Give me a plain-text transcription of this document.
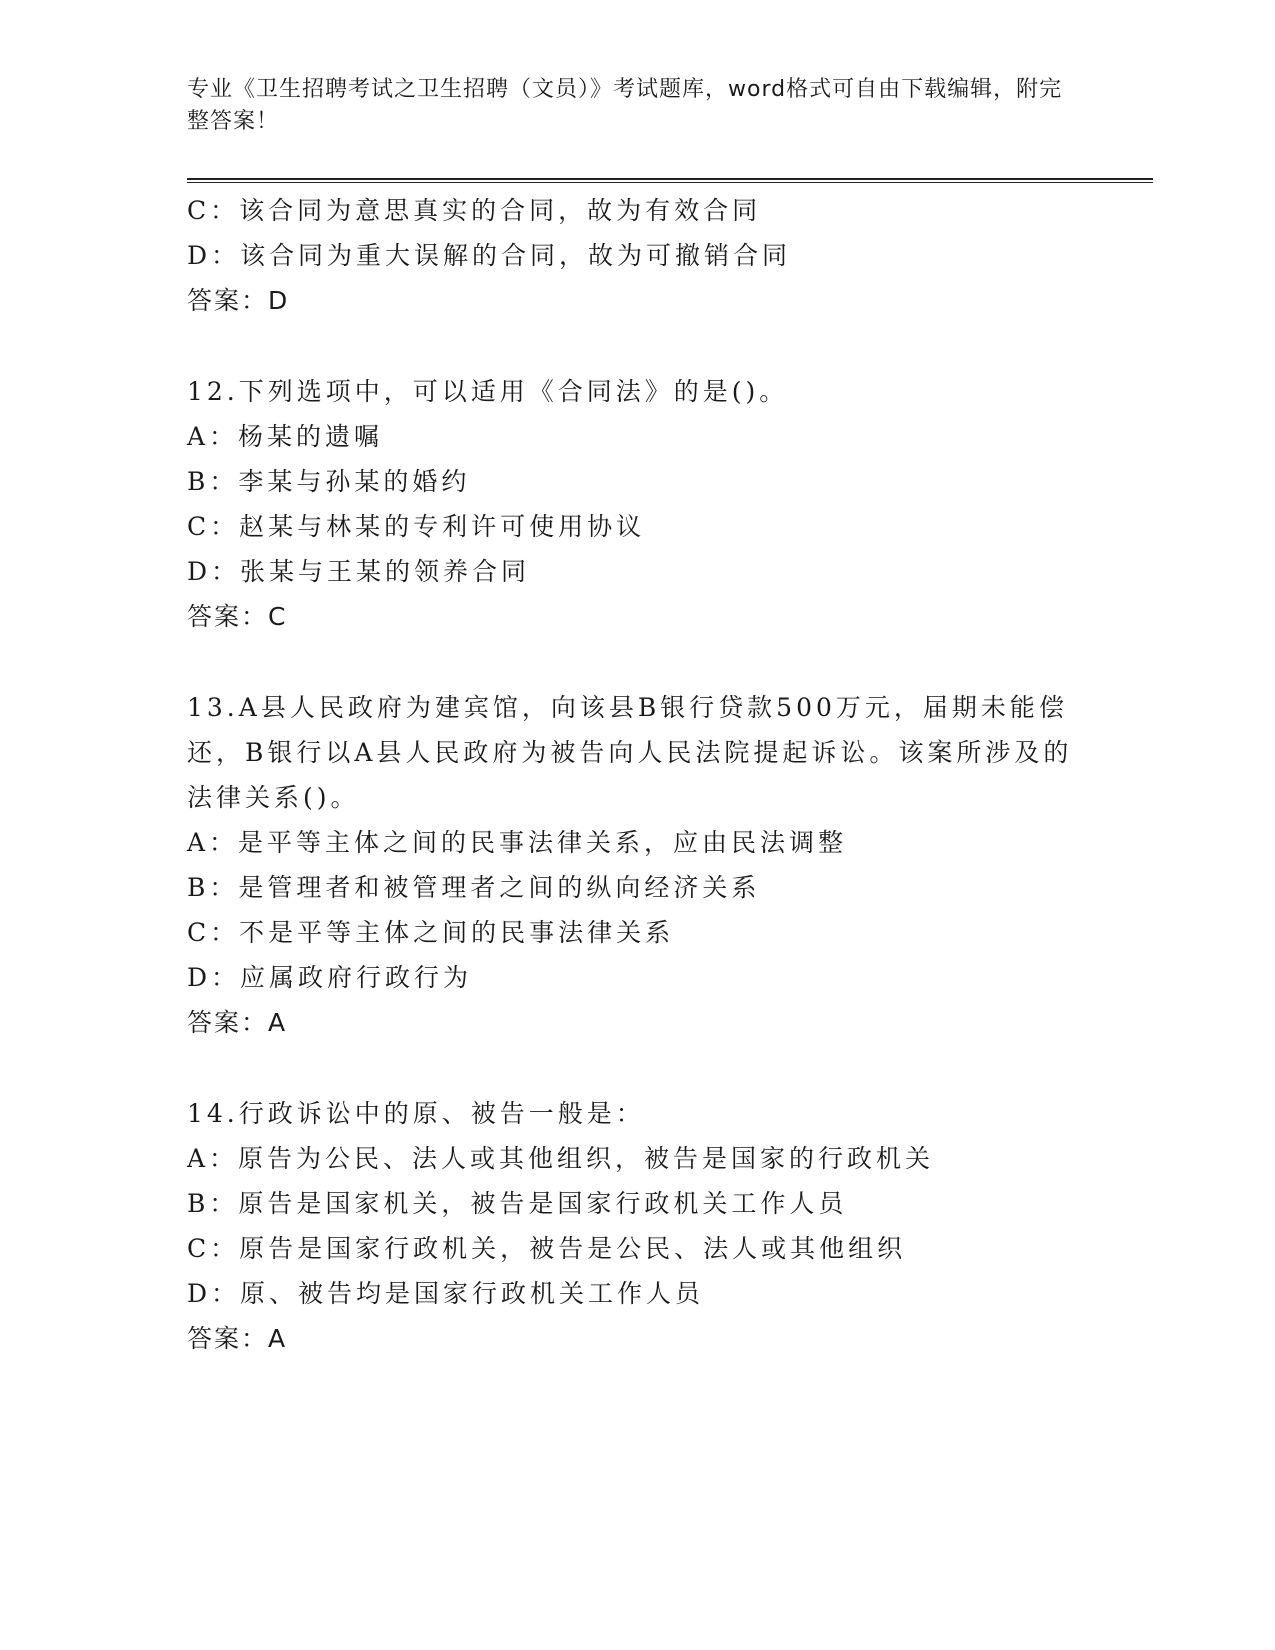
专业《卫生招聘考试之卫生招聘（文员）》考试题库，word格式可自由下载编辑，附完整答案！
C：该合同为意思真实的合同，故为有效合同
D：该合同为重大误解的合同，故为可撤销合同
答案：D
12.下列选项中，可以适用《合同法》的是()。
A：杨某的遗嘱
B：李某与孙某的婚约
C：赵某与林某的专利许可使用协议
D：张某与王某的领养合同
答案：C
13.A县人民政府为建宾馆，向该县B银行贷款500万元，届期未能偿还，B银行以A县人民政府为被告向人民法院提起诉讼。该案所涉及的法律关系()。
A：是平等主体之间的民事法律关系，应由民法调整
B：是管理者和被管理者之间的纵向经济关系
C：不是平等主体之间的民事法律关系
D：应属政府行政行为
答案：A
14.行政诉讼中的原、被告一般是：
A：原告为公民、法人或其他组织，被告是国家的行政机关
B：原告是国家机关，被告是国家行政机关工作人员
C：原告是国家行政机关，被告是公民、法人或其他组织
D：原、被告均是国家行政机关工作人员
答案：A
